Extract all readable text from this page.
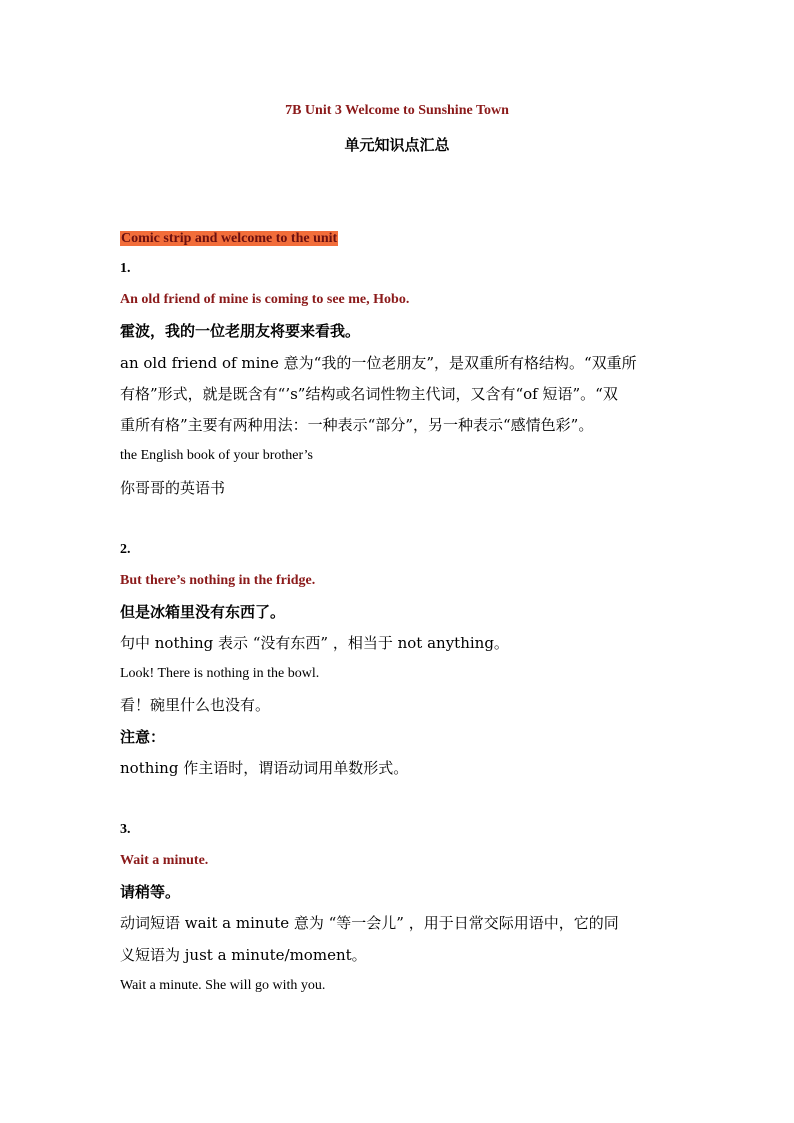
7B Unit 3 Welcome to Sunshine Town
单元知识点汇总
Comic strip and welcome to the unit
1.
An old friend of mine is coming to see me, Hobo.
霍波，我的一位老朋友将要来看我。
an old friend of mine 意为“我的一位老朋友”，是双重所有格结构。“双重所
有格”形式，就是既含有“’s”结构或名词性物主代词，又含有“of 短语”。“双
重所有格”主要有两种用法：一种表示“部分”，另一种表示“感情色彩”。
the English book of your brother’s
你哥哥的英语书
2.
But there’s nothing in the fridge.
但是冰箱里没有东西了。
句中 nothing 表示 “没有东西” ，相当于 not anything。
Look! There is nothing in the bowl.
看！碗里什么也没有。
注意：
nothing 作主语时，谓语动词用单数形式。
3.
Wait a minute.
请稍等。
动词短语 wait a minute 意为 “等一会儿” ，用于日常交际用语中，它的同
义短语为 just a minute/moment。
Wait a minute. She will go with you.
